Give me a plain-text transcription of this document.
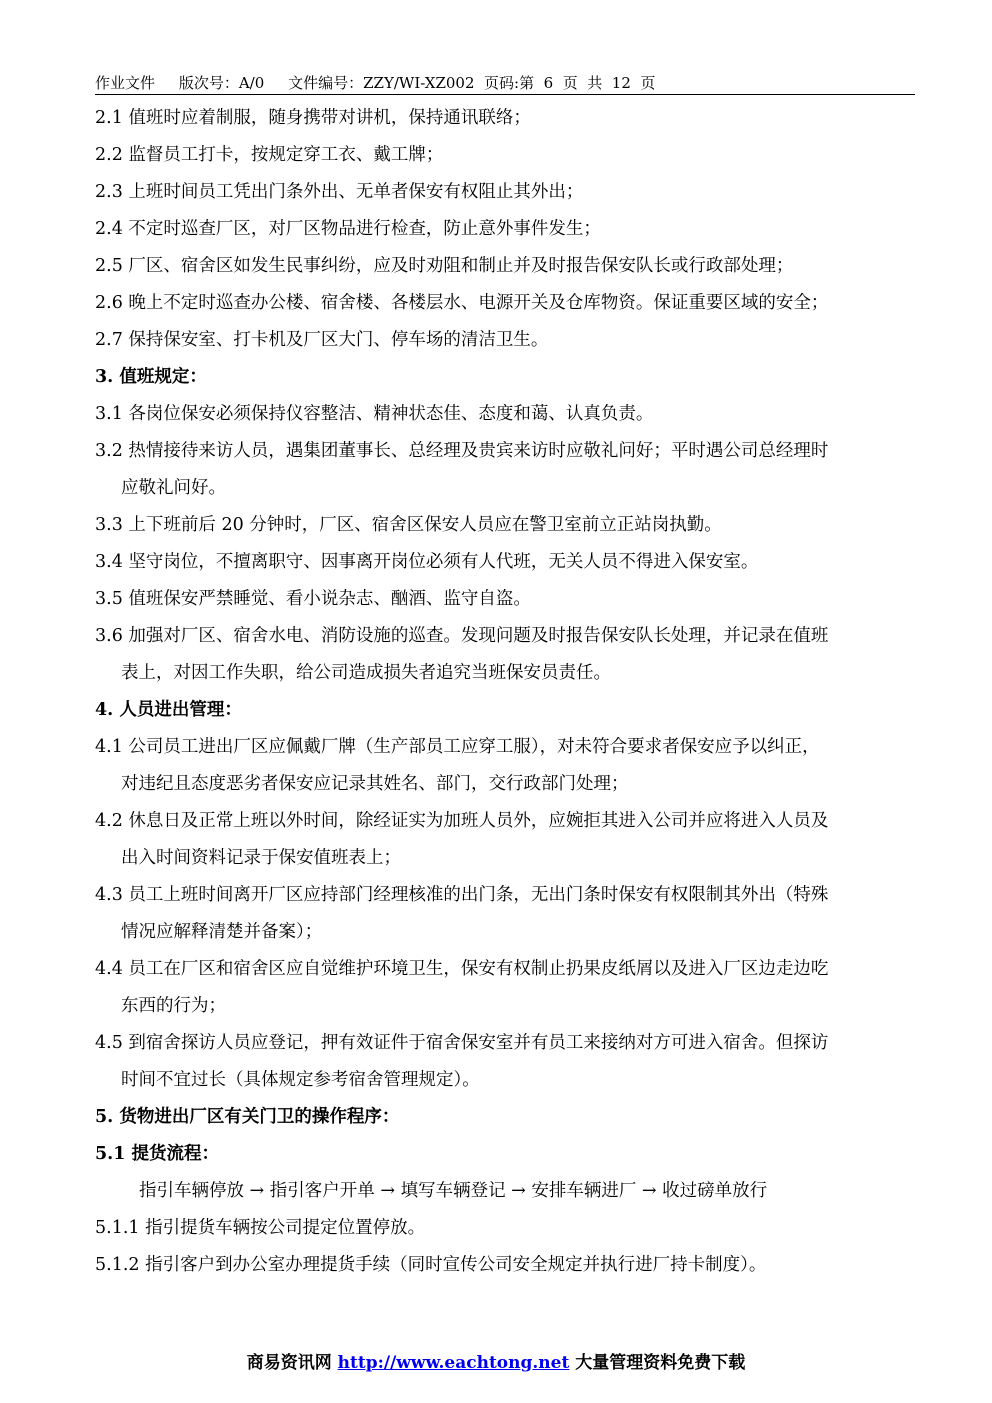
作业文件     版次号：A/0     文件编号：ZZY/WI-XZ002  页码:第  6  页  共  12  页
2.1 值班时应着制服，随身携带对讲机，保持通讯联络；
2.2 监督员工打卡，按规定穿工衣、戴工牌；
2.3 上班时间员工凭出门条外出、无单者保安有权阻止其外出；
2.4 不定时巡查厂区，对厂区物品进行检查，防止意外事件发生；
2.5 厂区、宿舍区如发生民事纠纷，应及时劝阻和制止并及时报告保安队长或行政部处理；
2.6 晚上不定时巡查办公楼、宿舍楼、各楼层水、电源开关及仓库物资。保证重要区域的安全；
2.7 保持保安室、打卡机及厂区大门、停车场的清洁卫生。
3. 值班规定：
3.1 各岗位保安必须保持仪容整洁、精神状态佳、态度和蔼、认真负责。
3.2 热情接待来访人员，遇集团董事长、总经理及贵宾来访时应敬礼问好；平时遇公司总经理时
应敬礼问好。
3.3 上下班前后 20 分钟时，厂区、宿舍区保安人员应在警卫室前立正站岗执勤。
3.4 坚守岗位，不擅离职守、因事离开岗位必须有人代班，无关人员不得进入保安室。
3.5 值班保安严禁睡觉、看小说杂志、酗酒、监守自盗。
3.6 加强对厂区、宿舍水电、消防设施的巡查。发现问题及时报告保安队长处理，并记录在值班
表上，对因工作失职，给公司造成损失者追究当班保安员责任。
4. 人员进出管理：
4.1 公司员工进出厂区应佩戴厂牌（生产部员工应穿工服），对未符合要求者保安应予以纠正，
对违纪且态度恶劣者保安应记录其姓名、部门，交行政部门处理；
4.2 休息日及正常上班以外时间，除经证实为加班人员外，应婉拒其进入公司并应将进入人员及
出入时间资料记录于保安值班表上；
4.3 员工上班时间离开厂区应持部门经理核准的出门条，无出门条时保安有权限制其外出（特殊
情况应解释清楚并备案）；
4.4 员工在厂区和宿舍区应自觉维护环境卫生，保安有权制止扔果皮纸屑以及进入厂区边走边吃
东西的行为；
4.5 到宿舍探访人员应登记，押有效证件于宿舍保安室并有员工来接纳对方可进入宿舍。但探访
时间不宜过长（具体规定参考宿舍管理规定）。
5. 货物进出厂区有关门卫的操作程序：
5.1 提货流程：
指引车辆停放 → 指引客户开单 → 填写车辆登记 → 安排车辆进厂 → 收过磅单放行
5.1.1 指引提货车辆按公司提定位置停放。
5.1.2 指引客户到办公室办理提货手续（同时宣传公司安全规定并执行进厂持卡制度）。
商易资讯网 http://www.eachtong.net 大量管理资料免费下载
